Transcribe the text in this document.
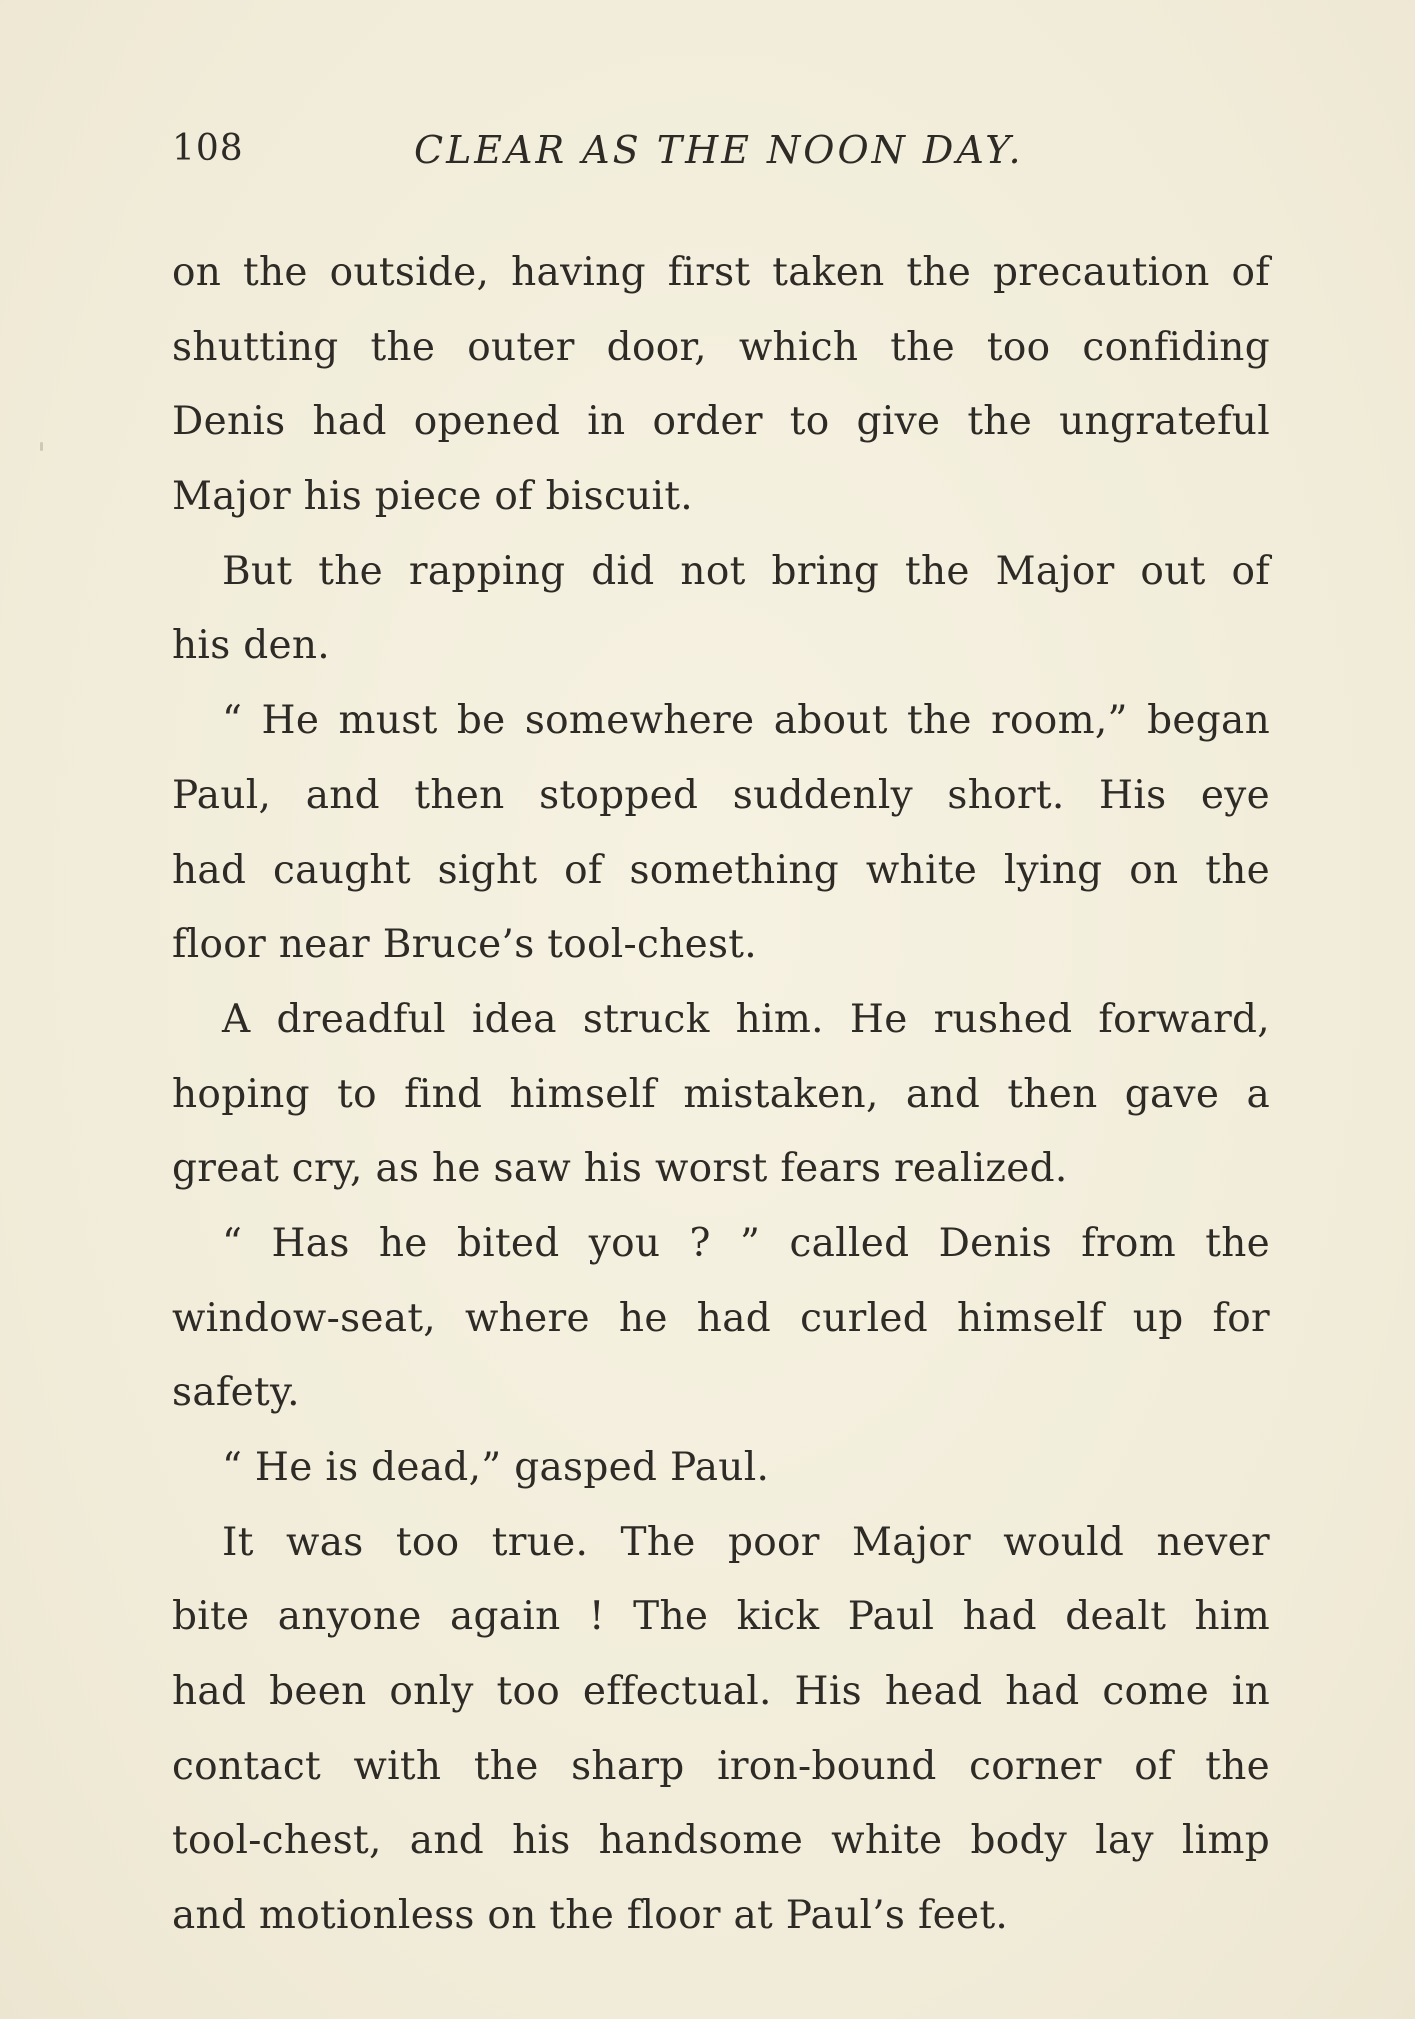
108	CLEAR AS THE NOON DAY.
on the outside, having first taken the precaution of
shutting the outer door, which the too confiding
Denis had opened in order to give the ungrateful
Major his piece of biscuit.
But the rapping did not bring the Major out of
his den.
“ He must be somewhere about the room,” began
Paul, and then stopped suddenly short. His eye
had caught sight of something white lying on the
floor near Bruce’s tool-chest.
A dreadful idea struck him. He rushed forward,
hoping to find himself mistaken, and then gave a
great cry, as he saw his worst fears realized.
“ Has he bited you ? ” called Denis from the
window-seat, where he had curled himself up for
safety.
“ He is dead,” gasped Paul.
It was too true. The poor Major would never
bite anyone again ! The kick Paul had dealt him
had been only too effectual. His head had come in
contact with the sharp iron-bound corner of the
tool-chest, and his handsome white body lay limp
and motionless on the floor at Paul’s feet.
